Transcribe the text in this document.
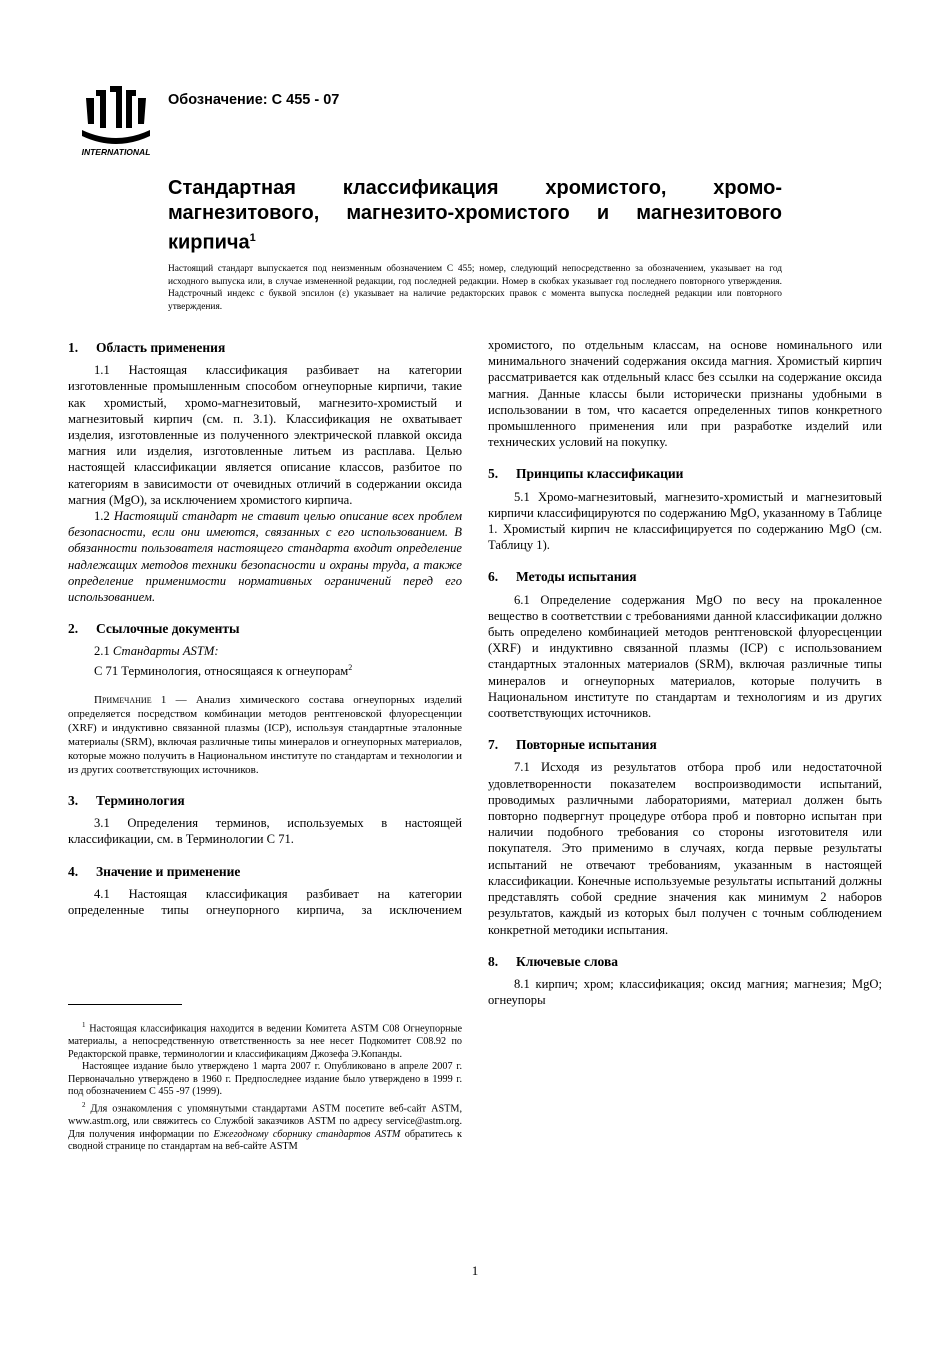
INTERNATIONAL
Обозначение: C 455 - 07
Стандартная классификация хромистого, хромо-магнезитового, магнезито-хромистого и магнезитового кирпича$^1$

Настоящий стандарт выпускается под неизменным обозначением C 455; номер, следующий непосредственно за обозначением, указывает на год исходного выпуска или, в случае измененной редакции, год последней редакции. Номер в скобках указывает год последнего повторного утверждения. Надстрочный индекс с буквой эпсилон (ε) указывает на наличие редакторских правок с момента выпуска последней редакции или повторного утверждения.

1. Область применения

1.1 Настоящая классификация разбивает на категории изготовленные промышленным способом огнеупорные кирпичи, такие как хромистый, хромо-магнезитовый, магнезито-хромистый и магнезитовый кирпич (см. п. 3.1). Классификация не охватывает изделия, изготовленные из полученного электрической плавкой оксида магния или изделия, изготовленные литьем из расплава. Целью настоящей классификации является описание классов, разбитое по категориям в зависимости от очевидных отличий в содержании оксида магния (MgO), за исключением хромистого кирпича.

1.2 Настоящий стандарт не ставит целью описание всех проблем безопасности, если они имеются, связанных с его использованием. В обязанности пользователя настоящего стандарта входит определение надлежащих методов техники безопасности и охраны труда, а также определение применимости нормативных ограничений перед его использованием.

2. Ссылочные документы

2.1 Стандарты ASTM:

C 71 Терминология, относящаяся к огнеупорам$^2$

Примечание 1 — Анализ химического состава огнеупорных изделий определяется посредством комбинации методов рентгеновской флуоресценции (XRF) и индуктивно связанной плазмы (ICP), используя стандартные эталонные материалы (SRM), включая различные типы минералов и огнеупорных материалов, которые можно получить в Национальном институте по стандартам и технологии и из других соответствующих источников.

3. Терминология

3.1 Определения терминов, используемых в настоящей классификации, см. в Терминологии C 71.

4. Значение и применение

4.1 Настоящая классификация разбивает на категории определенные типы огнеупорного кирпича, за исключением

хромистого, по отдельным классам, на основе номинального или минимального значений содержания оксида магния. Хромистый кирпич рассматривается как отдельный класс без ссылки на содержание оксида магния. Данные классы были исторически признаны удобными в использовании в том, что касается определенных типов конкретного промышленного применения или при разработке изделий или технических условий на покупку.

5. Принципы классификации

5.1 Хромо-магнезитовый, магнезито-хромистый и магнезитовый кирпичи классифицируются по содержанию MgO, указанному в Таблице 1. Хромистый кирпич не классифицируется по содержанию MgO (см. Таблицу 1).

6. Методы испытания

6.1 Определение содержания MgO по весу на прокаленное вещество в соответствии с требованиями данной классификации должно быть определено комбинацией методов рентгеновской флуоресценции (XRF) и индуктивно связанной плазмы (ICP) с использованием стандартных эталонных материалов (SRM), включая различные типы минералов и огнеупорных материалов, которые получить в Национальном институте по стандартам и технологиям и из других соответствующих источников.

7. Повторные испытания

7.1 Исходя из результатов отбора проб или недостаточной удовлетворенности показателем воспроизводимости испытаний, проводимых различными лабораториями, материал должен быть повторно подвергнут процедуре отбора проб и повторно испытан при наличии подобного требования со стороны изготовителя или покупателя. Это применимо в случаях, когда первые результаты испытаний не отвечают требованиям, указанным в настоящей классификации. Конечные используемые результаты испытаний должны представлять собой средние значения как минимум 2 наборов результатов, каждый из которых был получен с точным соблюдением конкретной методики испытания.

8. Ключевые слова

8.1 кирпич; хром; классификация; оксид магния; магнезия; MgO; огнеупоры

$^1$ Настоящая классификация находится в ведении Комитета ASTM C08 Огнеупорные материалы, а непосредственную ответственность за нее несет Подкомитет C08.92 по Редакторской правке, терминологии и классификациям Джозефа Э.Копанды.

Настоящее издание было утверждено 1 марта 2007 г. Опубликовано в апреле 2007 г. Первоначально утверждено в 1960 г. Предпоследнее издание было утверждено в 1999 г. под обозначением C 455 -97 (1999).

$^2$ Для ознакомления с упомянутыми стандартами ASTM посетите веб-сайт ASTM, www.astm.org, или свяжитесь со Службой заказчиков ASTM по адресу service@astm.org. Для получения информации по Ежегодному сборнику стандартов ASTM обратитесь к сводной странице по стандартам на веб-сайте ASTM

1
